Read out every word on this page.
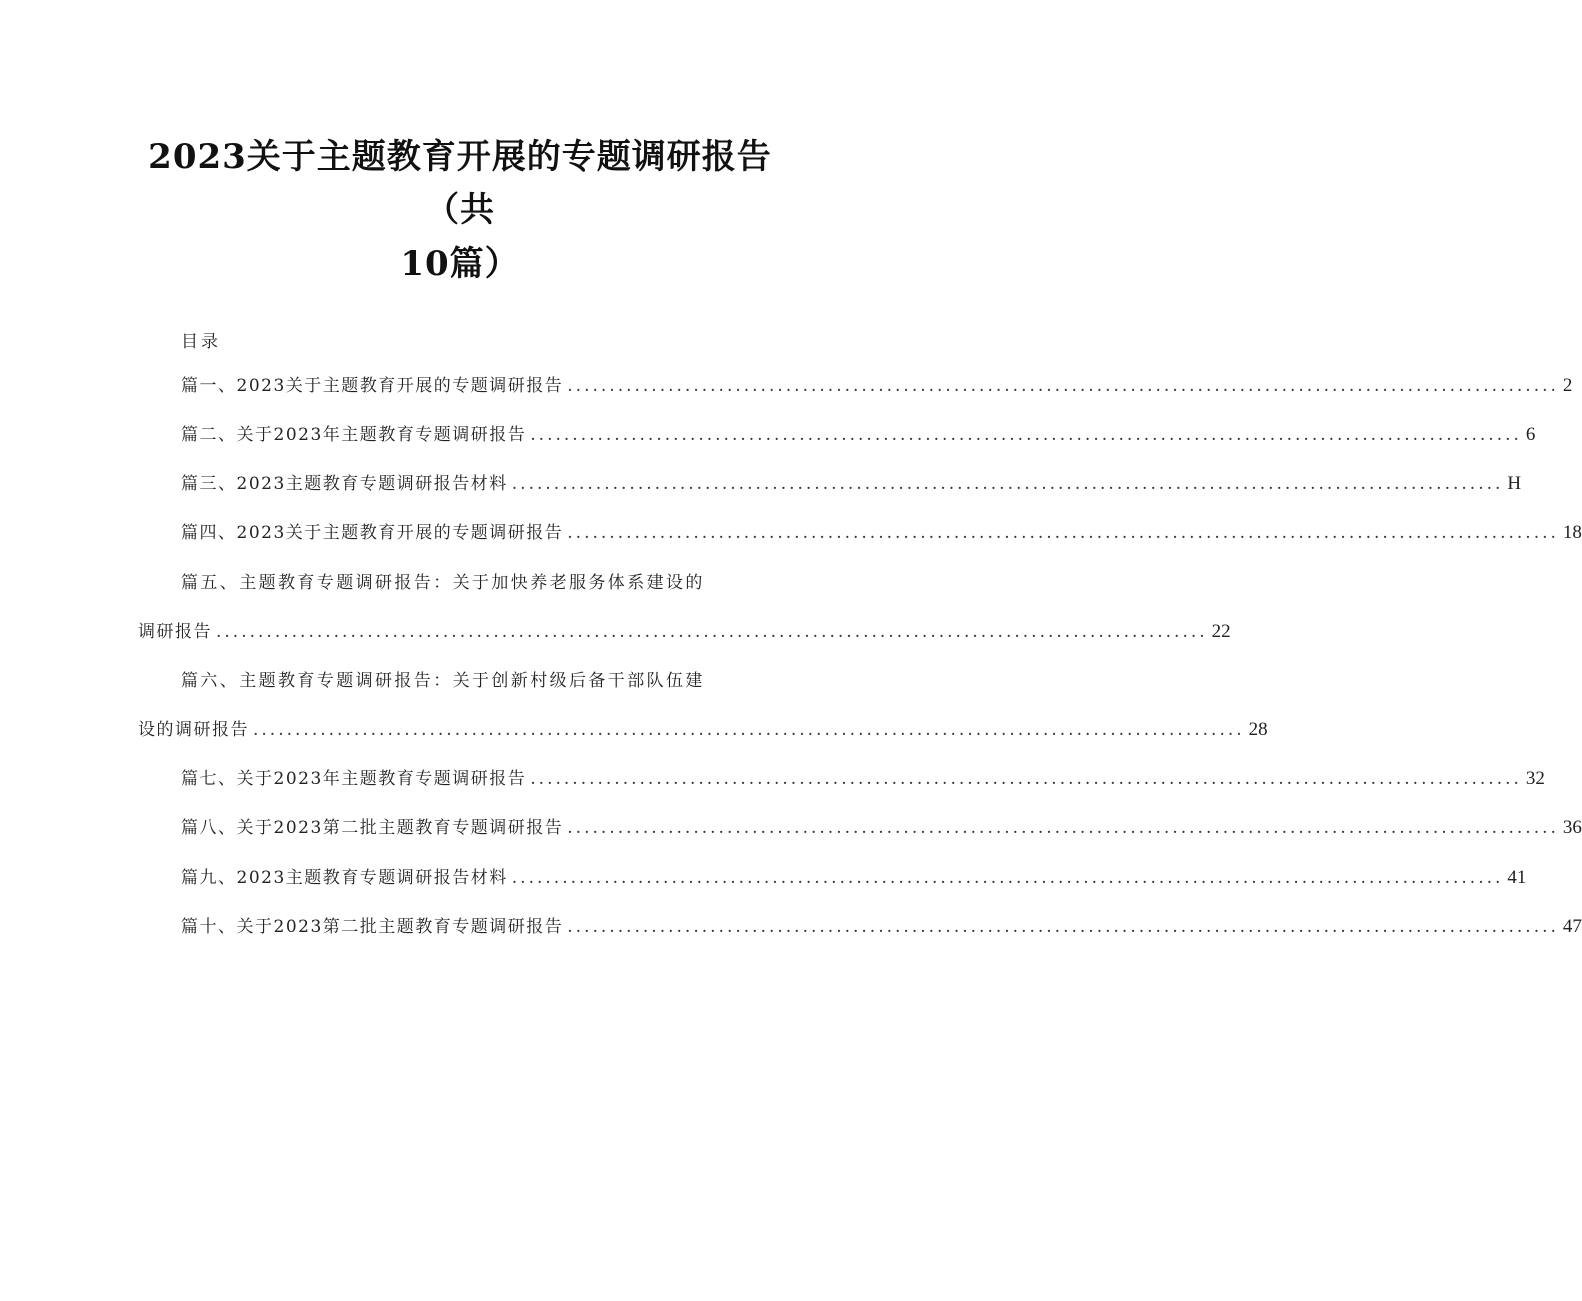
2023关于主题教育开展的专题调研报告
（共
10篇）
目录
篇一、2023关于主题教育开展的专题调研报告 ...................................................................................................................... 2
篇二、关于2023年主题教育专题调研报告 ...................................................................................................................... 6
篇三、2023主题教育专题调研报告材料 ...................................................................................................................... H
篇四、2023关于主题教育开展的专题调研报告 ...................................................................................................................... 18
篇五、主题教育专题调研报告：关于加快养老服务体系建设的
调研报告 ...................................................................................................................... 22
篇六、主题教育专题调研报告：关于创新村级后备干部队伍建
设的调研报告 ...................................................................................................................... 28
篇七、关于2023年主题教育专题调研报告 ...................................................................................................................... 32
篇八、关于2023第二批主题教育专题调研报告 ...................................................................................................................... 36
篇九、2023主题教育专题调研报告材料 ...................................................................................................................... 41
篇十、关于2023第二批主题教育专题调研报告 ...................................................................................................................... 47
